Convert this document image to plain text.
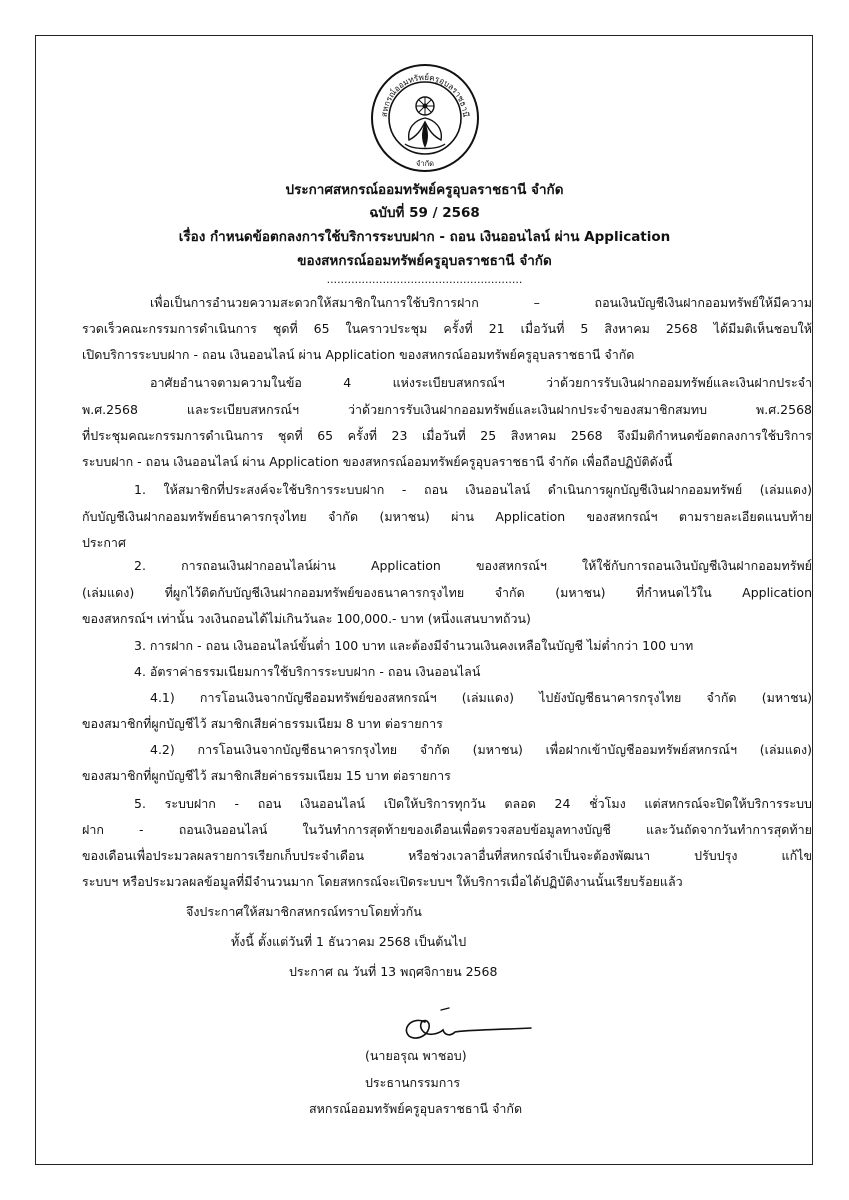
สหกรณ์ออมทรัพย์ครูอุบลราชธานี
จำกัด
ประกาศสหกรณ์ออมทรัพย์ครูอุบลราชธานี จำกัด
ฉบับที่ 59 / 2568
เรื่อง กำหนดข้อตกลงการใช้บริการระบบฝาก - ถอน เงินออนไลน์ ผ่าน Application
ของสหกรณ์ออมทรัพย์ครูอุบลราชธานี จำกัด
........................................................
เพื่อเป็นการอำนวยความสะดวกให้สมาชิกในการใช้บริการฝาก – ถอนเงินบัญชีเงินฝากออมทรัพย์ให้มีความ
รวดเร็วคณะกรรมการดำเนินการ ชุดที่ 65 ในคราวประชุม ครั้งที่ 21 เมื่อวันที่ 5 สิงหาคม 2568 ได้มีมติเห็นชอบให้
เปิดบริการระบบฝาก - ถอน เงินออนไลน์ ผ่าน Application ของสหกรณ์ออมทรัพย์ครูอุบลราชธานี จำกัด
อาศัยอำนาจตามความในข้อ 4 แห่งระเบียบสหกรณ์ฯ ว่าด้วยการรับเงินฝากออมทรัพย์และเงินฝากประจำ
พ.ศ.2568 และระเบียบสหกรณ์ฯ ว่าด้วยการรับเงินฝากออมทรัพย์และเงินฝากประจำของสมาชิกสมทบ พ.ศ.2568
ที่ประชุมคณะกรรมการดำเนินการ ชุดที่ 65 ครั้งที่ 23 เมื่อวันที่ 25 สิงหาคม 2568 จึงมีมติกำหนดข้อตกลงการใช้บริการ
ระบบฝาก - ถอน เงินออนไลน์ ผ่าน Application ของสหกรณ์ออมทรัพย์ครูอุบลราชธานี จำกัด เพื่อถือปฏิบัติดังนี้
1. ให้สมาชิกที่ประสงค์จะใช้บริการระบบฝาก - ถอน เงินออนไลน์ ดำเนินการผูกบัญชีเงินฝากออมทรัพย์ (เล่มแดง)
กับบัญชีเงินฝากออมทรัพย์ธนาคารกรุงไทย จำกัด (มหาชน) ผ่าน Application ของสหกรณ์ฯ ตามรายละเอียดแนบท้าย
ประกาศ
2. การถอนเงินฝากออนไลน์ผ่าน Application ของสหกรณ์ฯ ให้ใช้กับการถอนเงินบัญชีเงินฝากออมทรัพย์
(เล่มแดง) ที่ผูกไว้ติดกับบัญชีเงินฝากออมทรัพย์ของธนาคารกรุงไทย จำกัด (มหาชน) ที่กำหนดไว้ใน Application
ของสหกรณ์ฯ เท่านั้น วงเงินถอนได้ไม่เกินวันละ 100,000.- บาท (หนึ่งแสนบาทถ้วน)
3. การฝาก - ถอน เงินออนไลน์ขั้นต่ำ 100 บาท และต้องมีจำนวนเงินคงเหลือในบัญชี ไม่ต่ำกว่า 100 บาท
4. อัตราค่าธรรมเนียมการใช้บริการระบบฝาก - ถอน เงินออนไลน์
4.1) การโอนเงินจากบัญชีออมทรัพย์ของสหกรณ์ฯ (เล่มแดง) ไปยังบัญชีธนาคารกรุงไทย จำกัด (มหาชน)
ของสมาชิกที่ผูกบัญชีไว้ สมาชิกเสียค่าธรรมเนียม 8 บาท ต่อรายการ
4.2) การโอนเงินจากบัญชีธนาคารกรุงไทย จำกัด (มหาชน) เพื่อฝากเข้าบัญชีออมทรัพย์สหกรณ์ฯ (เล่มแดง)
ของสมาชิกที่ผูกบัญชีไว้ สมาชิกเสียค่าธรรมเนียม 15 บาท ต่อรายการ
5. ระบบฝาก - ถอน เงินออนไลน์ เปิดให้บริการทุกวัน ตลอด 24 ชั่วโมง แต่สหกรณ์จะปิดให้บริการระบบ
ฝาก - ถอนเงินออนไลน์ ในวันทำการสุดท้ายของเดือนเพื่อตรวจสอบข้อมูลทางบัญชี และวันถัดจากวันทำการสุดท้าย
ของเดือนเพื่อประมวลผลรายการเรียกเก็บประจำเดือน หรือช่วงเวลาอื่นที่สหกรณ์จำเป็นจะต้องพัฒนา ปรับปรุง แก้ไข
ระบบฯ หรือประมวลผลข้อมูลที่มีจำนวนมาก โดยสหกรณ์จะเปิดระบบฯ ให้บริการเมื่อได้ปฏิบัติงานนั้นเรียบร้อยแล้ว
จึงประกาศให้สมาชิกสหกรณ์ทราบโดยทั่วกัน
ทั้งนี้ ตั้งแต่วันที่ 1 ธันวาคม 2568 เป็นต้นไป
ประกาศ ณ วันที่ 13 พฤศจิกายน 2568
(นายอรุณ พาชอบ)
ประธานกรรมการ
สหกรณ์ออมทรัพย์ครูอุบลราชธานี จำกัด
